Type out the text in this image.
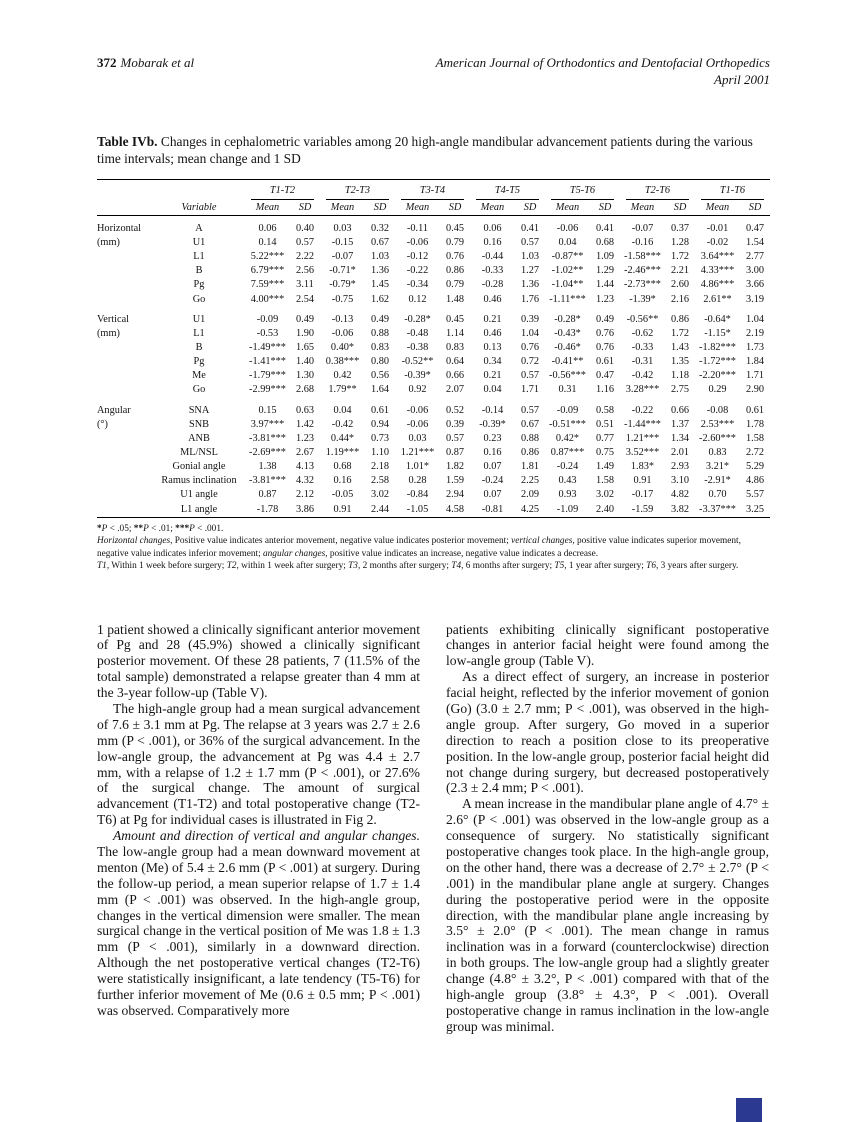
372 Mobarak et al	American Journal of Orthodontics and Dentofacial Orthopedics
April 2001

Table IVb. Changes in cephalometric variables among 20 high-angle mandibular advancement patients during the various time intervals; mean change and 1 SD

		T1-T2		T2-T3		T3-T4		T4-T5		T5-T6		T2-T6		T1-T6	

	Variable	Mean	SD	Mean	SD	Mean	SD	Mean	SD	Mean	SD	Mean	SD	Mean	SD
Horizontal	A	0.06	0.40	0.03	0.32	-0.11	0.45	0.06	0.41	-0.06	0.41	-0.07	0.37	-0.01	0.47
(mm)	U1	0.14	0.57	-0.15	0.67	-0.06	0.79	0.16	0.57	0.04	0.68	-0.16	1.28	-0.02	1.54
	L1	5.22***	2.22	-0.07	1.03	-0.12	0.76	-0.44	1.03	-0.87**	1.09	-1.58***	1.72	3.64***	2.77
	B	6.79***	2.56	-0.71*	1.36	-0.22	0.86	-0.33	1.27	-1.02**	1.29	-2.46***	2.21	4.33***	3.00
	Pg	7.59***	3.11	-0.79*	1.45	-0.34	0.79	-0.28	1.36	-1.04**	1.44	-2.73***	2.60	4.86***	3.66
	Go	4.00***	2.54	-0.75	1.62	0.12	1.48	0.46	1.76	-1.11***	1.23	-1.39*	2.16	2.61**	3.19
Vertical	U1	-0.09	0.49	-0.13	0.49	-0.28*	0.45	0.21	0.39	-0.28*	0.49	-0.56**	0.86	-0.64*	1.04
(mm)	L1	-0.53	1.90	-0.06	0.88	-0.48	1.14	0.46	1.04	-0.43*	0.76	-0.62	1.72	-1.15*	2.19
	B	-1.49***	1.65	0.40*	0.83	-0.38	0.83	0.13	0.76	-0.46*	0.76	-0.33	1.43	-1.82***	1.73
	Pg	-1.41***	1.40	0.38***	0.80	-0.52**	0.64	0.34	0.72	-0.41**	0.61	-0.31	1.35	-1.72***	1.84
	Me	-1.79***	1.30	0.42	0.56	-0.39*	0.66	0.21	0.57	-0.56***	0.47	-0.42	1.18	-2.20***	1.71
	Go	-2.99***	2.68	1.79**	1.64	0.92	2.07	0.04	1.71	0.31	1.16	3.28***	2.75	0.29	2.90
Angular	SNA	0.15	0.63	0.04	0.61	-0.06	0.52	-0.14	0.57	-0.09	0.58	-0.22	0.66	-0.08	0.61
(°)	SNB	3.97***	1.42	-0.42	0.94	-0.06	0.39	-0.39*	0.67	-0.51***	0.51	-1.44***	1.37	2.53***	1.78
	ANB	-3.81***	1.23	0.44*	0.73	0.03	0.57	0.23	0.88	0.42*	0.77	1.21***	1.34	-2.60***	1.58
	ML/NSL	-2.69***	2.67	1.19***	1.10	1.21***	0.87	0.16	0.86	0.87***	0.75	3.52***	2.01	0.83	2.72
	Gonial angle	1.38	4.13	0.68	2.18	1.01*	1.82	0.07	1.81	-0.24	1.49	1.83*	2.93	3.21*	5.29
	Ramus inclination	-3.81***	4.32	0.16	2.58	0.28	1.59	-0.24	2.25	0.43	1.58	0.91	3.10	-2.91*	4.86
	U1 angle	0.87	2.12	-0.05	3.02	-0.84	2.94	0.07	2.09	0.93	3.02	-0.17	4.82	0.70	5.57
	L1 angle	-1.78	3.86	0.91	2.44	-1.05	4.58	-0.81	4.25	-1.09	2.40	-1.59	3.82	-3.37***	3.25
*P < .05; **P < .01; ***P < .001.
Horizontal changes, Positive value indicates anterior movement, negative value indicates posterior movement; vertical changes, positive value indicates superior movement, negative value indicates inferior movement; angular changes, positive value indicates an increase, negative value indicates a decrease.
T1, Within 1 week before surgery; T2, within 1 week after surgery; T3, 2 months after surgery; T4, 6 months after surgery; T5, 1 year after surgery; T6, 3 years after surgery.

1 patient showed a clinically significant anterior movement of Pg and 28 (45.9%) showed a clinically significant posterior movement. Of these 28 patients, 7 (11.5% of the total sample) demonstrated a relapse greater than 4 mm at the 3-year follow-up (Table V).

The high-angle group had a mean surgical advancement of 7.6 ± 3.1 mm at Pg. The relapse at 3 years was 2.7 ± 2.6 mm (P < .001), or 36% of the surgical advancement. In the low-angle group, the advancement at Pg was 4.4 ± 2.7 mm, with a relapse of 1.2 ± 1.7 mm (P < .001), or 27.6% of the surgical change. The amount of surgical advancement (T1-T2) and total postoperative change (T2-T6) at Pg for individual cases is illustrated in Fig 2.

Amount and direction of vertical and angular changes. The low-angle group had a mean downward movement at menton (Me) of 5.4 ± 2.6 mm (P < .001) at surgery. During the follow-up period, a mean superior relapse of 1.7 ± 1.4 mm (P < .001) was observed. In the high-angle group, changes in the vertical dimension were smaller. The mean surgical change in the vertical position of Me was 1.8 ± 1.3 mm (P < .001), similarly in a downward direction. Although the net postoperative vertical changes (T2-T6) were statistically insignificant, a late tendency (T5-T6) for further inferior movement of Me (0.6 ± 0.5 mm; P < .001) was observed. Comparatively more

patients exhibiting clinically significant postoperative changes in anterior facial height were found among the low-angle group (Table V).

As a direct effect of surgery, an increase in posterior facial height, reflected by the inferior movement of gonion (Go) (3.0 ± 2.7 mm; P < .001), was observed in the high-angle group. After surgery, Go moved in a superior direction to reach a position close to its preoperative position. In the low-angle group, posterior facial height did not change during surgery, but decreased postoperatively (2.3 ± 2.4 mm; P < .001).

A mean increase in the mandibular plane angle of 4.7° ± 2.6° (P < .001) was observed in the low-angle group as a consequence of surgery. No statistically significant postoperative changes took place. In the high-angle group, on the other hand, there was a decrease of 2.7° ± 2.7° (P < .001) in the mandibular plane angle at surgery. Changes during the postoperative period were in the opposite direction, with the mandibular plane angle increasing by 3.5° ± 2.0° (P < .001). The mean change in ramus inclination was in a forward (counterclockwise) direction in both groups. The low-angle group had a slightly greater change (4.8° ± 3.2°, P < .001) compared with that of the high-angle group (3.8° ± 4.3°, P < .001). Overall postoperative change in ramus inclination in the low-angle group was minimal.
